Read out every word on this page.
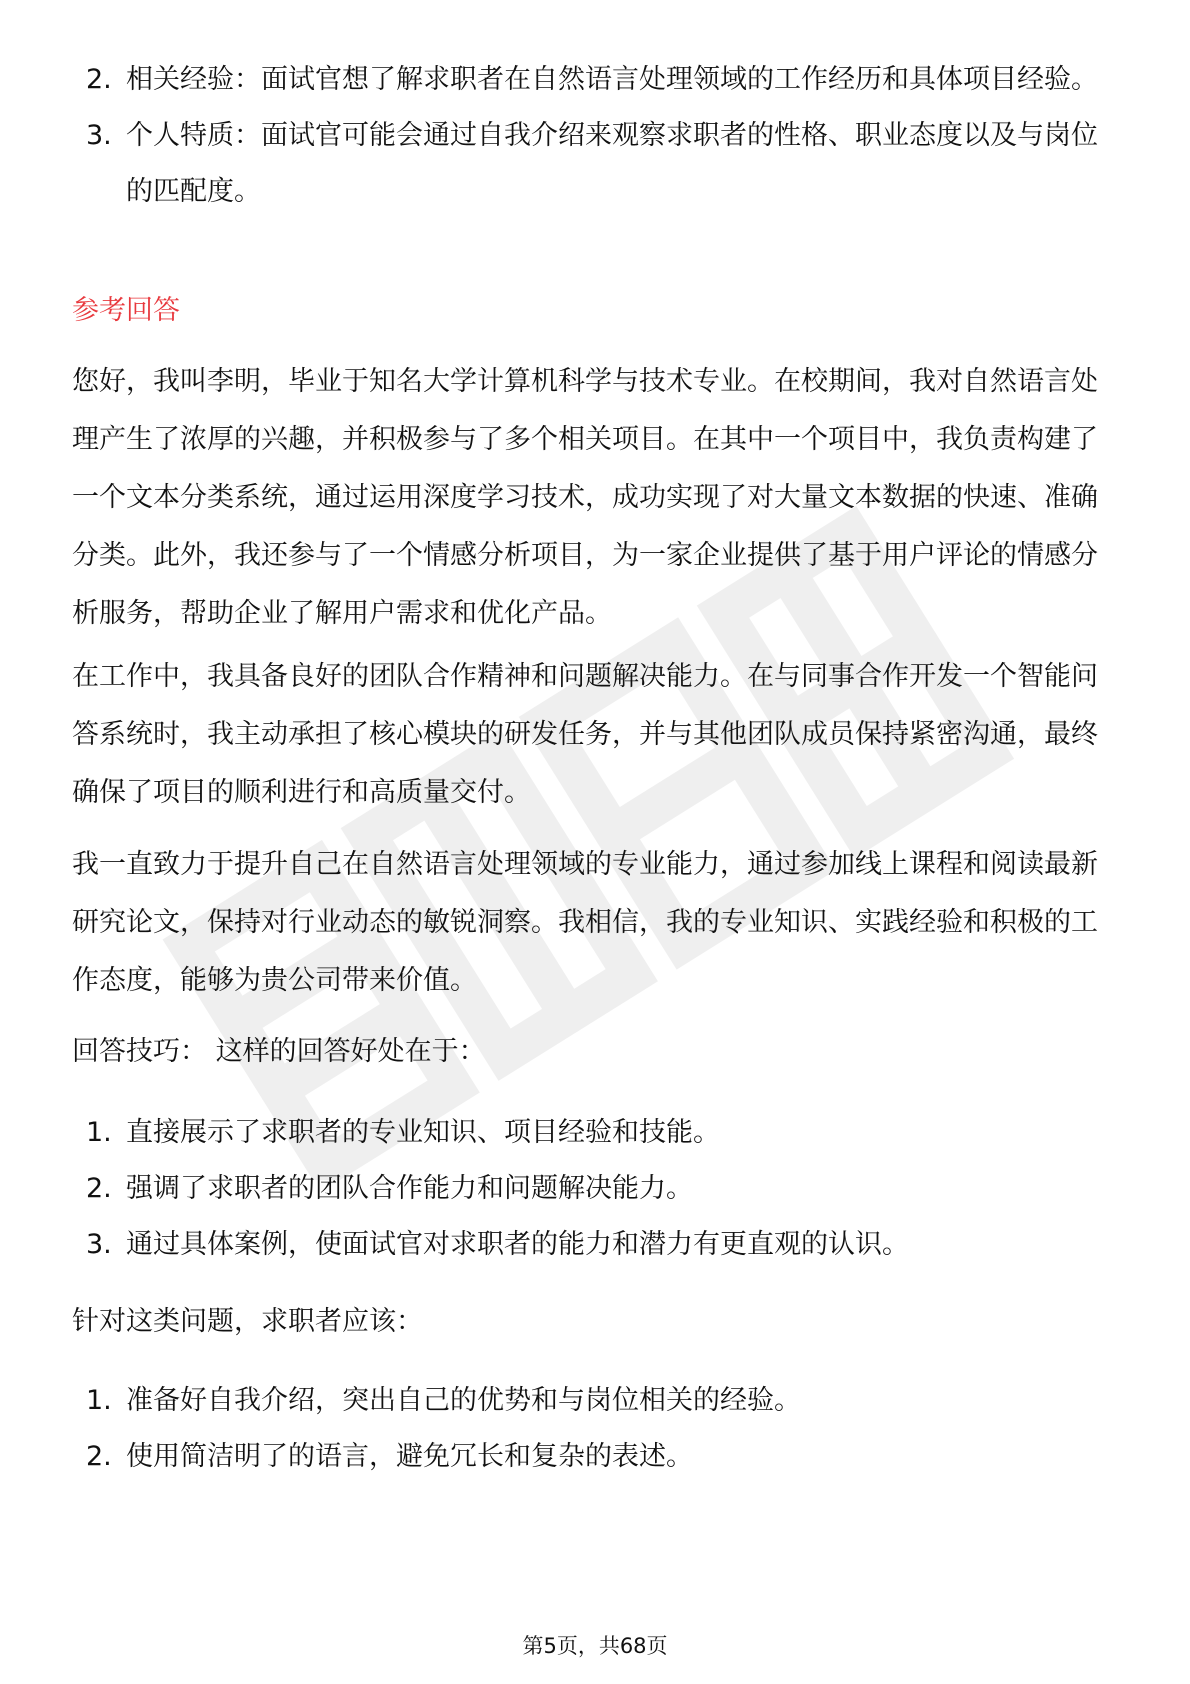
2. 相关经验：面试官想了解求职者在自然语言处理领域的工作经历和具体项目经验。
3. 个人特质：面试官可能会通过自我介绍来观察求职者的性格、职业态度以及与岗位的匹配度。
参考回答

您好，我叫李明，毕业于知名大学计算机科学与技术专业。在校期间，我对自然语言处理产生了浓厚的兴趣，并积极参与了多个相关项目。在其中一个项目中，我负责构建了一个文本分类系统，通过运用深度学习技术，成功实现了对大量文本数据的快速、准确分类。此外，我还参与了一个情感分析项目，为一家企业提供了基于用户评论的情感分析服务，帮助企业了解用户需求和优化产品。

在工作中，我具备良好的团队合作精神和问题解决能力。在与同事合作开发一个智能问答系统时，我主动承担了核心模块的研发任务，并与其他团队成员保持紧密沟通，最终确保了项目的顺利进行和高质量交付。

我一直致力于提升自己在自然语言处理领域的专业能力，通过参加线上课程和阅读最新研究论文，保持对行业动态的敏锐洞察。我相信，我的专业知识、实践经验和积极的工作态度，能够为贵公司带来价值。

回答技巧： 这样的回答好处在于：
1. 直接展示了求职者的专业知识、项目经验和技能。
2. 强调了求职者的团队合作能力和问题解决能力。
3. 通过具体案例，使面试官对求职者的能力和潜力有更直观的认识。
针对这类问题，求职者应该：
1. 准备好自我介绍，突出自己的优势和与岗位相关的经验。
2. 使用简洁明了的语言，避免冗长和复杂的表述。
第5页，共68页
